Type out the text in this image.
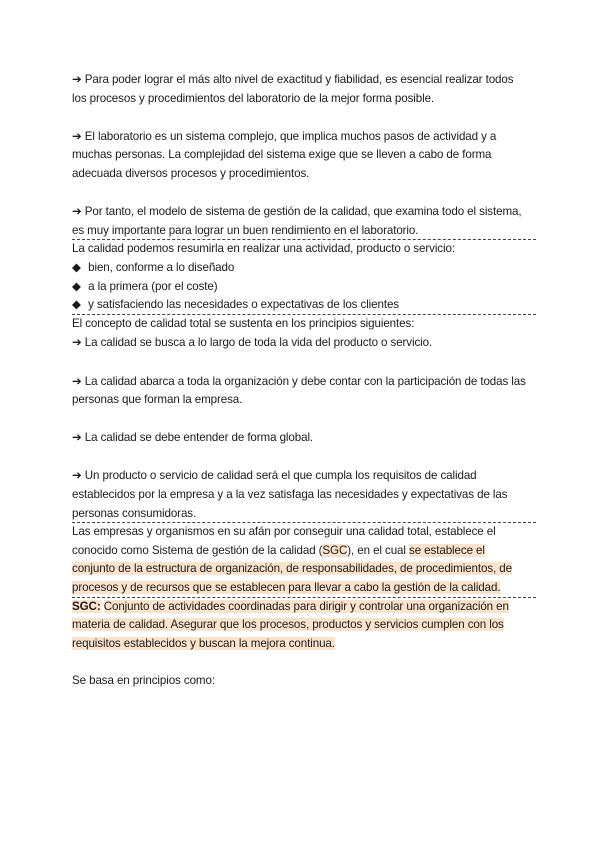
➔ Para poder lograr el más alto nivel de exactitud y fiabilidad, es esencial realizar todos los procesos y procedimientos del laboratorio de la mejor forma posible.

➔ El laboratorio es un sistema complejo, que implica muchos pasos de actividad y a muchas personas. La complejidad del sistema exige que se lleven a cabo de forma adecuada diversos procesos y procedimientos.

➔ Por tanto, el modelo de sistema de gestión de la calidad, que examina todo el sistema, es muy importante para lograr un buen rendimiento en el laboratorio.

La calidad podemos resumirla en realizar una actividad, producto o servicio:

◆ bien, conforme a lo diseñado

◆ a la primera (por el coste)

◆ y satisfaciendo las necesidades o expectativas de los clientes

El concepto de calidad total se sustenta en los principios siguientes:

➔ La calidad se busca a lo largo de toda la vida del producto o servicio.

➔ La calidad abarca a toda la organización y debe contar con la participación de todas las personas que forman la empresa.

➔ La calidad se debe entender de forma global.

➔ Un producto o servicio de calidad será el que cumpla los requisitos de calidad establecidos por la empresa y a la vez satisfaga las necesidades y expectativas de las personas consumidoras.

Las empresas y organismos en su afán por conseguir una calidad total, establece el conocido como Sistema de gestión de la calidad (SGC), en el cual se establece el conjunto de la estructura de organización, de responsabilidades, de procedimientos, de procesos y de recursos que se establecen para llevar a cabo la gestión de la calidad.

SGC: Conjunto de actividades coordinadas para dirigir y controlar una organización en materia de calidad. Asegurar que los procesos, productos y servicios cumplen con los requisitos establecidos y buscan la mejora continua.

Se basa en principios como:
